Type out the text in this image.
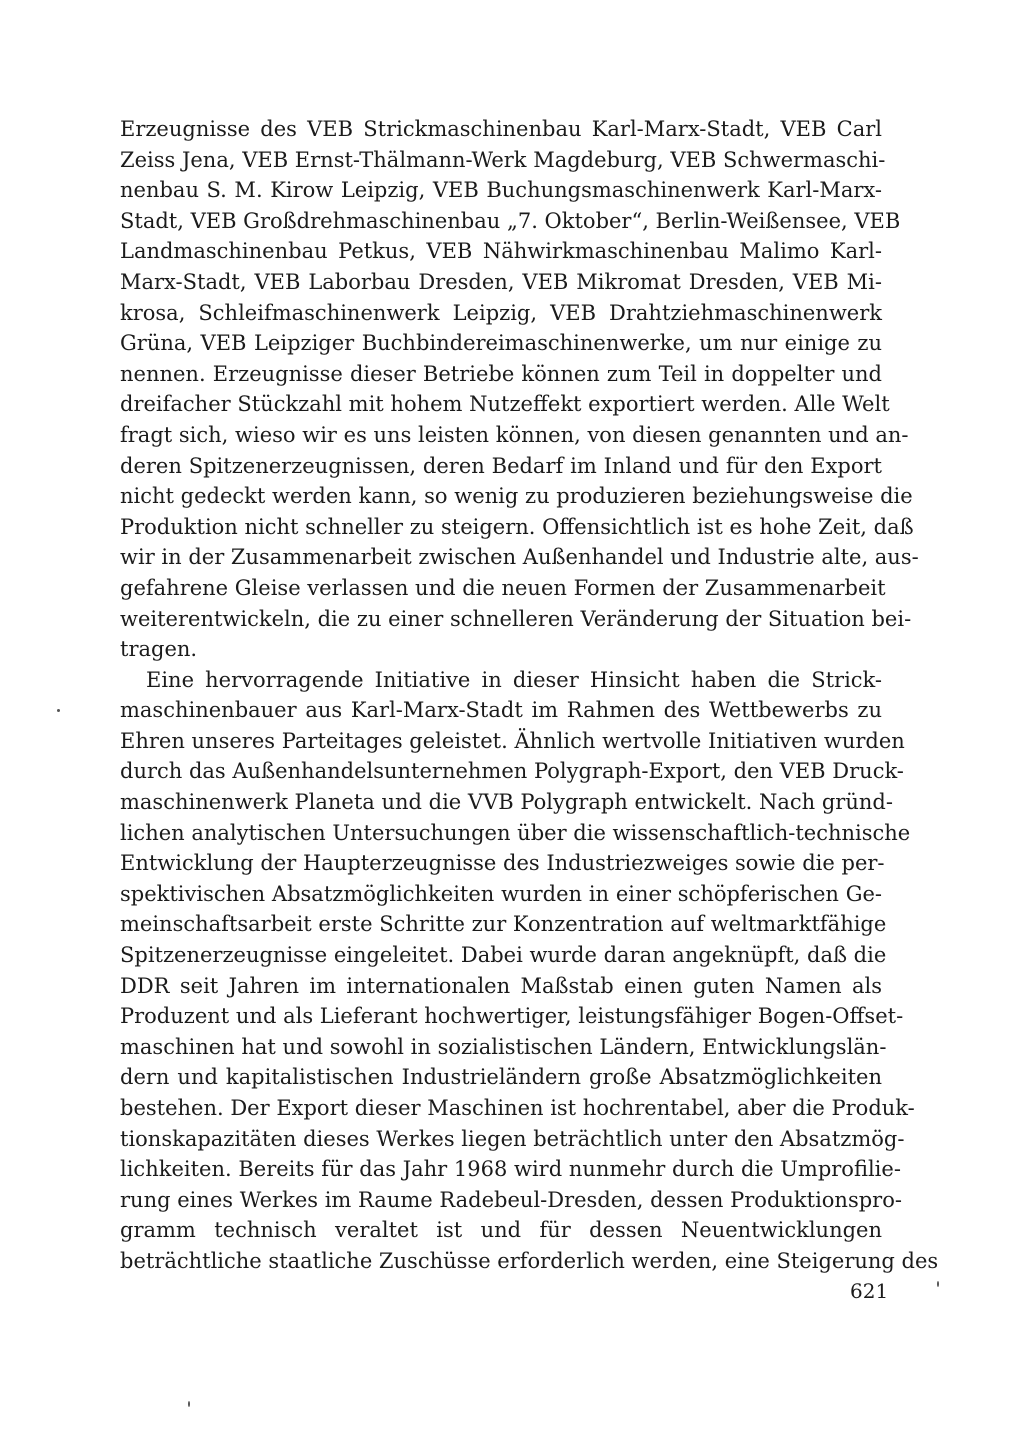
Erzeugnisse des VEB Strickmaschinenbau Karl-Marx-Stadt, VEB Carl
Zeiss Jena, VEB Ernst-Thälmann-Werk Magdeburg, VEB Schwermaschi-
nenbau S. M. Kirow Leipzig, VEB Buchungsmaschinenwerk Karl-Marx-
Stadt, VEB Großdrehmaschinenbau „7. Oktober“, Berlin-Weißensee, VEB
Landmaschinenbau Petkus, VEB Nähwirkmaschinenbau Malimo Karl-
Marx-Stadt, VEB Laborbau Dresden, VEB Mikromat Dresden, VEB Mi-
krosa, Schleifmaschinenwerk Leipzig, VEB Drahtziehmaschinenwerk
Grüna, VEB Leipziger Buchbindereimaschinenwerke, um nur einige zu
nennen. Erzeugnisse dieser Betriebe können zum Teil in doppelter und
dreifacher Stückzahl mit hohem Nutzeffekt exportiert werden. Alle Welt
fragt sich, wieso wir es uns leisten können, von diesen genannten und an-
deren Spitzenerzeugnissen, deren Bedarf im Inland und für den Export
nicht gedeckt werden kann, so wenig zu produzieren beziehungsweise die
Produktion nicht schneller zu steigern. Offensichtlich ist es hohe Zeit, daß
wir in der Zusammenarbeit zwischen Außenhandel und Industrie alte, aus-
gefahrene Gleise verlassen und die neuen Formen der Zusammenarbeit
weiterentwickeln, die zu einer schnelleren Veränderung der Situation bei-
tragen.
Eine hervorragende Initiative in dieser Hinsicht haben die Strick-
maschinenbauer aus Karl-Marx-Stadt im Rahmen des Wettbewerbs zu
Ehren unseres Parteitages geleistet. Ähnlich wertvolle Initiativen wurden
durch das Außenhandelsunternehmen Polygraph-Export, den VEB Druck-
maschinenwerk Planeta und die VVB Polygraph entwickelt. Nach gründ-
lichen analytischen Untersuchungen über die wissenschaftlich-technische
Entwicklung der Haupterzeugnisse des Industriezweiges sowie die per-
spektivischen Absatzmöglichkeiten wurden in einer schöpferischen Ge-
meinschaftsarbeit erste Schritte zur Konzentration auf weltmarktfähige
Spitzenerzeugnisse eingeleitet. Dabei wurde daran angeknüpft, daß die
DDR seit Jahren im internationalen Maßstab einen guten Namen als
Produzent und als Lieferant hochwertiger, leistungsfähiger Bogen-Offset-
maschinen hat und sowohl in sozialistischen Ländern, Entwicklungslän-
dern und kapitalistischen Industrieländern große Absatzmöglichkeiten
bestehen. Der Export dieser Maschinen ist hochrentabel, aber die Produk-
tionskapazitäten dieses Werkes liegen beträchtlich unter den Absatzmög-
lichkeiten. Bereits für das Jahr 1968 wird nunmehr durch die Umprofilie-
rung eines Werkes im Raume Radebeul-Dresden, dessen Produktionspro-
gramm technisch veraltet ist und für dessen Neuentwicklungen
beträchtliche staatliche Zuschüsse erforderlich werden, eine Steigerung des
621
